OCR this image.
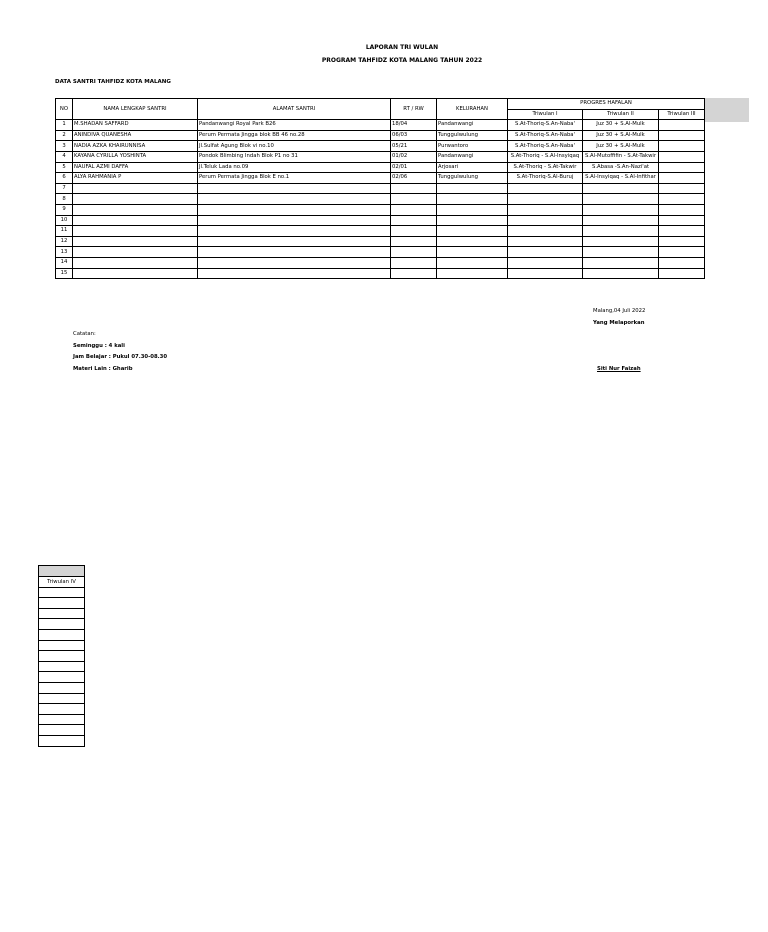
LAPORAN TRI WULAN
PROGRAM TAHFIDZ KOTA MALANG TAHUN 2022
DATA SANTRI TAHFIDZ KOTA MALANG
NO	NAMA LENGKAP SANTRI	ALAMAT SANTRI	RT / RW	KELURAHAN	PROGRES HAFALAN		
					Triwulan I	Triwulan II	Triwulan III
1	M.SHADAN SAFFARD	Pandanwangi Royal Park B26	18/04	Pandanwangi	S.At-Thoriq-S.An-Naba'	Juz 30 + S.Al-Mulk	
2	ANINDIVA QUANESHA	Perum Permata Jingga blok BB 46 no.28	06/03	Tunggulwulung	S.At-Thoriq-S.An-Naba'	Juz 30 + S.Al-Mulk	
3	NADIA AZKA KHAIRUNNISA	Jl.Sulfat Agung Blok vi no.10	05/21	Purwantoro	S.At-Thoriq-S.An-Naba'	Juz 30 + S.Al-Mulk	
4	KAYANA CYRILLA YOSHINTA	Pondok Blimbing Indah Blok P1 no 31	01/02	Pandanwangi	S.At-Thoriq - S.Al-Insyiqaq	S.Al-Mutoffifin - S.At-Takwir	
5	NAUFAL AZMI DAFFA	Jl.Teluk Lada no.09	02/01	Arjosari	S.At-Thoriq - S.At-Takwir	S.Abasa -S.An-Nazi'at	
6	ALYA RAHMANIA P	Perum Permata Jingga Blok E no.1	02/06	Tunggulwulung	S.At-Thoriq-S.Al-Buruj	S.Al-Insyiqaq - S.Al-Infithar	
7							
8							
9							
10							
11							
12							
13							
14							
15							
Malang,04 Juli 2022
Yang Melaporkan
Siti Nur Faizah
Catatan:
Seminggu : 4 kali
Jam Belajar : Pukul 07.30-08.30
Materi Lain : Gharib

Triwulan IV
